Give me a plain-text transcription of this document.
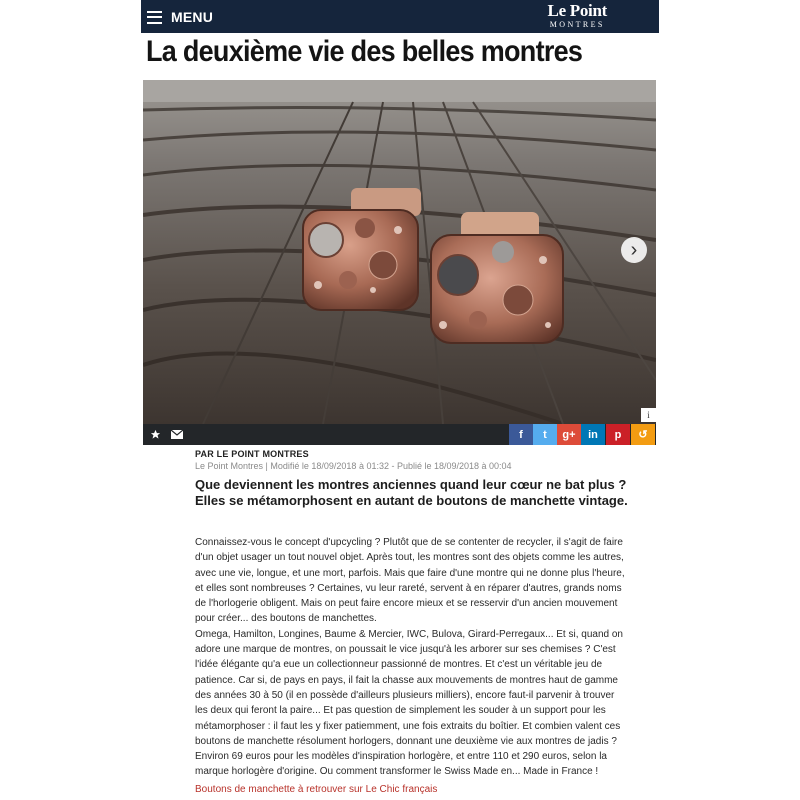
MENU	Le Point
MONTRES
La deuxième vie des belles montres
›
i
f	t	g+	in	p	↺
PAR LE POINT MONTRES
Le Point Montres | Modifié le 18/09/2018 à 01:32 - Publié le 18/09/2018 à 00:04

Que deviennent les montres anciennes quand leur cœur ne bat plus ? Elles se métamorphosent en autant de boutons de manchette vintage.

Connaissez-vous le concept d'upcycling ? Plutôt que de se contenter de recycler, il s'agit de faire d'un objet usager un tout nouvel objet. Après tout, les montres sont des objets comme les autres, avec une vie, longue, et une mort, parfois. Mais que faire d'une montre qui ne donne plus l'heure, et elles sont nombreuses ? Certaines, vu leur rareté, servent à en réparer d'autres, grands noms de l'horlogerie obligent. Mais on peut faire encore mieux et se resservir d'un ancien mouvement pour créer... des boutons de manchettes.
Omega, Hamilton, Longines, Baume & Mercier, IWC, Bulova, Girard-Perregaux... Et si, quand on adore une marque de montres, on poussait le vice jusqu'à les arborer sur ses chemises ? C'est l'idée élégante qu'a eue un collectionneur passionné de montres. Et c'est un véritable jeu de patience. Car si, de pays en pays, il fait la chasse aux mouvements de montres haut de gamme des années 30 à 50 (il en possède d'ailleurs plusieurs milliers), encore faut-il parvenir à trouver les deux qui feront la paire... Et pas question de simplement les souder à un support pour les métamorphoser : il faut les y fixer patiemment, une fois extraits du boîtier. Et combien valent ces boutons de manchette résolument horlogers, donnant une deuxième vie aux montres de jadis ? Environ 69 euros pour les modèles d'inspiration horlogère, et entre 110 et 290 euros, selon la marque horlogère d'origine. Ou comment transformer le Swiss Made en... Made in France !

Boutons de manchette à retrouver sur Le Chic français
